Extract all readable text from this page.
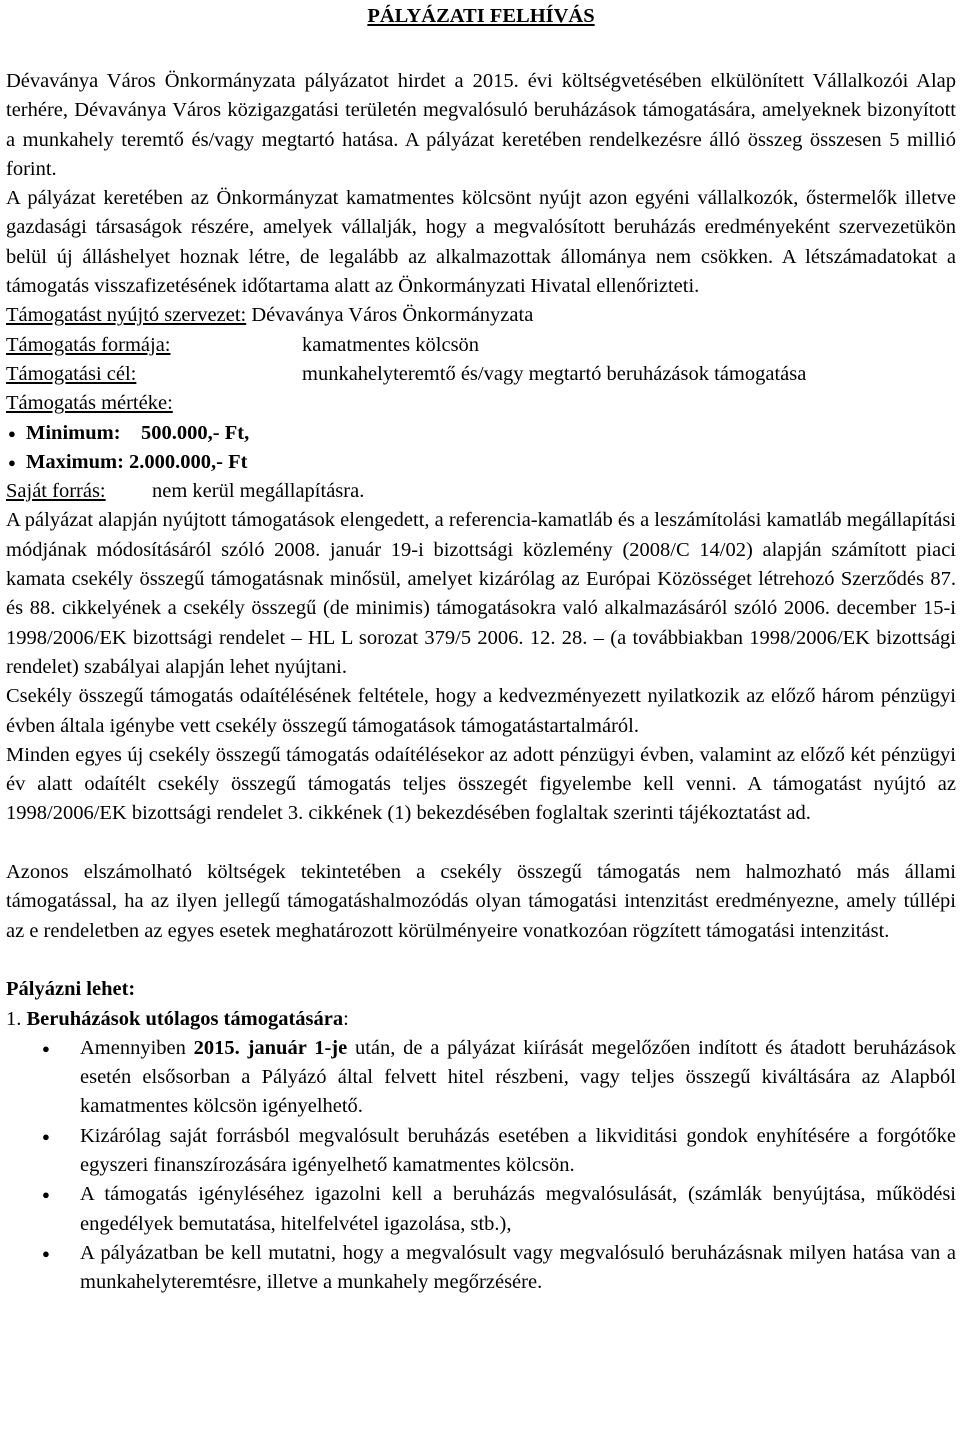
PÁLYÁZATI FELHÍVÁS

Dévaványa Város Önkormányzata pályázatot hirdet a 2015. évi költségvetésében elkülönített Vállalkozói Alap terhére, Dévaványa Város közigazgatási területén megvalósuló beruházások támogatására, amelyeknek bizonyított a munkahely teremtő és/vagy megtartó hatása. A pályázat keretében rendelkezésre álló összeg összesen 5 millió forint.

A pályázat keretében az Önkormányzat kamatmentes kölcsönt nyújt azon egyéni vállalkozók, őstermelők illetve gazdasági társaságok részére, amelyek vállalják, hogy a megvalósított beruházás eredményeként szervezetükön belül új álláshelyet hoznak létre, de legalább az alkalmazottak állománya nem csökken. A létszámadatokat a támogatás visszafizetésének időtartama alatt az Önkormányzati Hivatal ellenőrizteti.

Támogatást nyújtó szervezet: Dévaványa Város Önkormányzata
Támogatás formája:	kamatmentes kölcsön
Támogatási cél:	munkahelyteremtő és/vagy megtartó beruházások támogatása
Támogatás mértéke:
● Minimum: 500.000,- Ft,
● Maximum: 2.000.000,- Ft
Saját forrás: nem kerül megállapításra.

A pályázat alapján nyújtott támogatások elengedett, a referencia-kamatláb és a leszámítolási kamatláb megállapítási módjának módosításáról szóló 2008. január 19-i bizottsági közlemény (2008/C 14/02) alapján számított piaci kamata csekély összegű támogatásnak minősül, amelyet kizárólag az Európai Közösséget létrehozó Szerződés 87. és 88. cikkelyének a csekély összegű (de minimis) támogatásokra való alkalmazásáról szóló 2006. december 15-i 1998/2006/EK bizottsági rendelet – HL L sorozat 379/5 2006. 12. 28. – (a továbbiakban 1998/2006/EK bizottsági rendelet) szabályai alapján lehet nyújtani.

Csekély összegű támogatás odaítélésének feltétele, hogy a kedvezményezett nyilatkozik az előző három pénzügyi évben általa igénybe vett csekély összegű támogatások támogatástartalmáról.

Minden egyes új csekély összegű támogatás odaítélésekor az adott pénzügyi évben, valamint az előző két pénzügyi év alatt odaítélt csekély összegű támogatás teljes összegét figyelembe kell venni. A támogatást nyújtó az 1998/2006/EK bizottsági rendelet 3. cikkének (1) bekezdésében foglaltak szerinti tájékoztatást ad.

Azonos elszámolható költségek tekintetében a csekély összegű támogatás nem halmozható más állami támogatással, ha az ilyen jellegű támogatáshalmozódás olyan támogatási intenzitást eredményezne, amely túllépi az e rendeletben az egyes esetek meghatározott körülményeire vonatkozóan rögzített támogatási intenzitást.

Pályázni lehet:
1. Beruházások utólagos támogatására:
● Amennyiben 2015. január 1-je után, de a pályázat kiírását megelőzően indított és átadott beruházások esetén elsősorban a Pályázó által felvett hitel részbeni, vagy teljes összegű kiváltására az Alapból kamatmentes kölcsön igényelhető.
● Kizárólag saját forrásból megvalósult beruházás esetében a likviditási gondok enyhítésére a forgótőke egyszeri finanszírozására igényelhető kamatmentes kölcsön.
● A támogatás igényléséhez igazolni kell a beruházás megvalósulását, (számlák benyújtása, működési engedélyek bemutatása, hitelfelvétel igazolása, stb.),
● A pályázatban be kell mutatni, hogy a megvalósult vagy megvalósuló beruházásnak milyen hatása van a munkahelyteremtésre, illetve a munkahely megőrzésére.
